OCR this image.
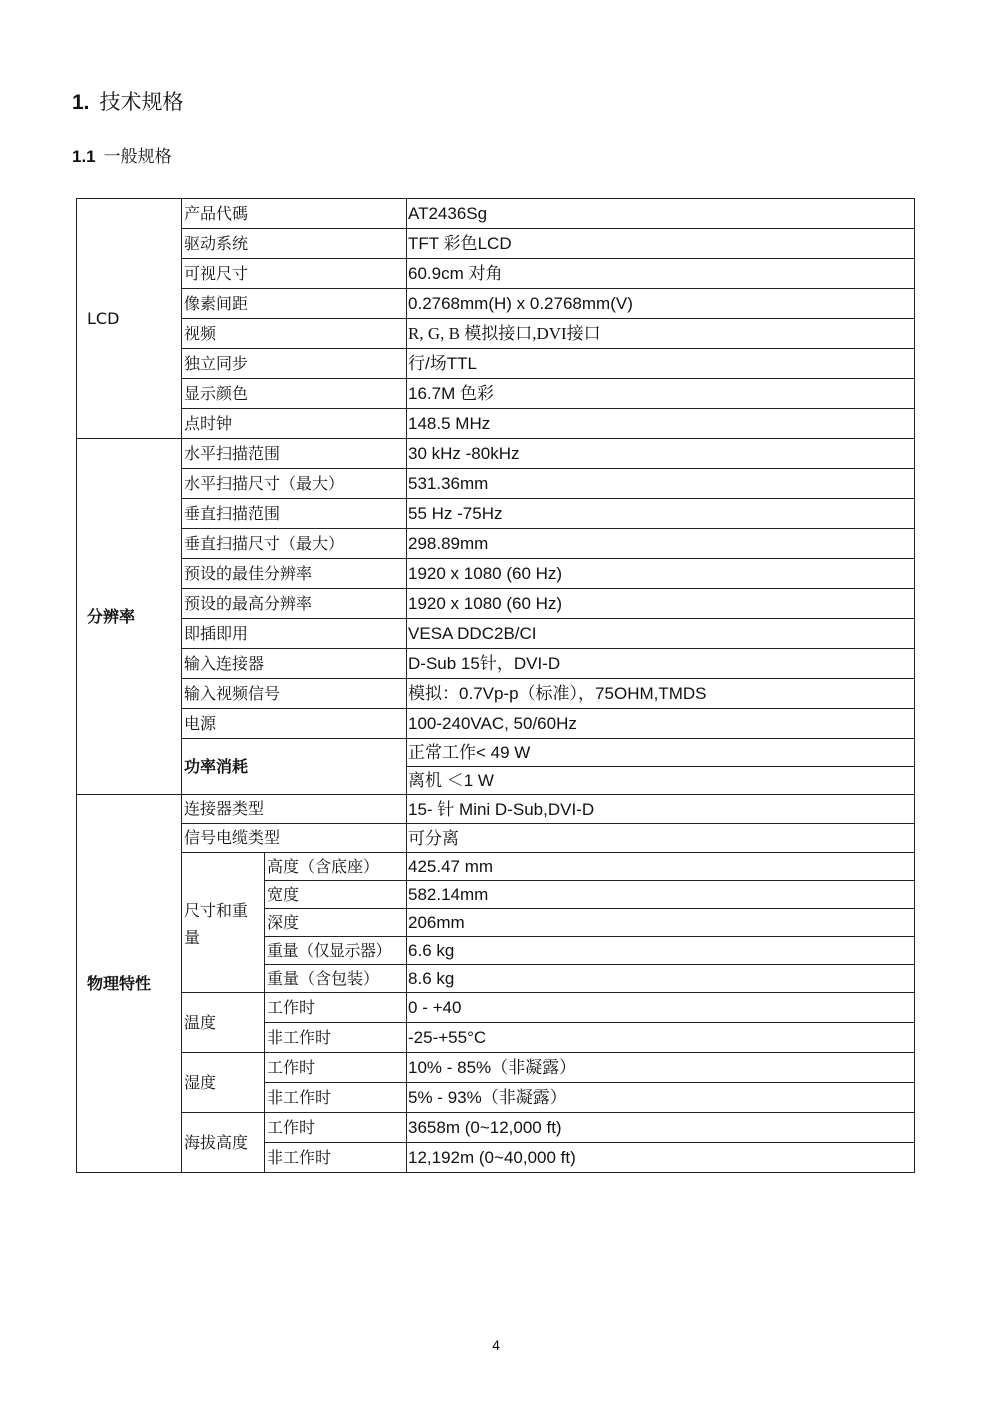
1. 技术规格
1.1 一般规格
LCD	产品代碼		AT2436Sg
	驱动系统		TFT 彩色LCD
	可视尺寸		60.9cm 对角
	像素间距		0.2768mm(H) x 0.2768mm(V)
	视频		R, G, B 模拟接口,DVI接口
	独立同步		行/场TTL
	显示颜色		16.7M 色彩
	点时钟		148.5 MHz
分辨率	水平扫描范围		30 kHz -80kHz
	水平扫描尺寸（最大）		531.36mm
	垂直扫描范围		55 Hz -75Hz
	垂直扫描尺寸（最大）		298.89mm
	预设的最佳分辨率		1920 x 1080 (60 Hz)
	预设的最高分辨率		1920 x 1080 (60 Hz)
	即插即用		VESA DDC2B/CI
	输入连接器		D-Sub 15针，DVI-D
	输入视频信号		模拟：0.7Vp-p（标准），75OHM,TMDS
	电源		100-240VAC, 50/60Hz
	功率消耗		正常工作< 49 W
			离机 ＜1 W
物理特性	连接器类型		15- 针 Mini D-Sub,DVI-D
	信号电缆类型		可分离
	尺寸和重量	高度（含底座）	425.47 mm
		宽度	582.14mm
		深度	206mm
		重量（仅显示器）	6.6 kg
		重量（含包装）	8.6 kg
	温度	工作时	0 - +40
		非工作时	-25-+55°C
	湿度	工作时	10% - 85%（非凝露）
		非工作时	5% - 93%（非凝露）
	海拔高度	工作时	3658m (0~12,000 ft)
		非工作时	12,192m (0~40,000 ft)
4
